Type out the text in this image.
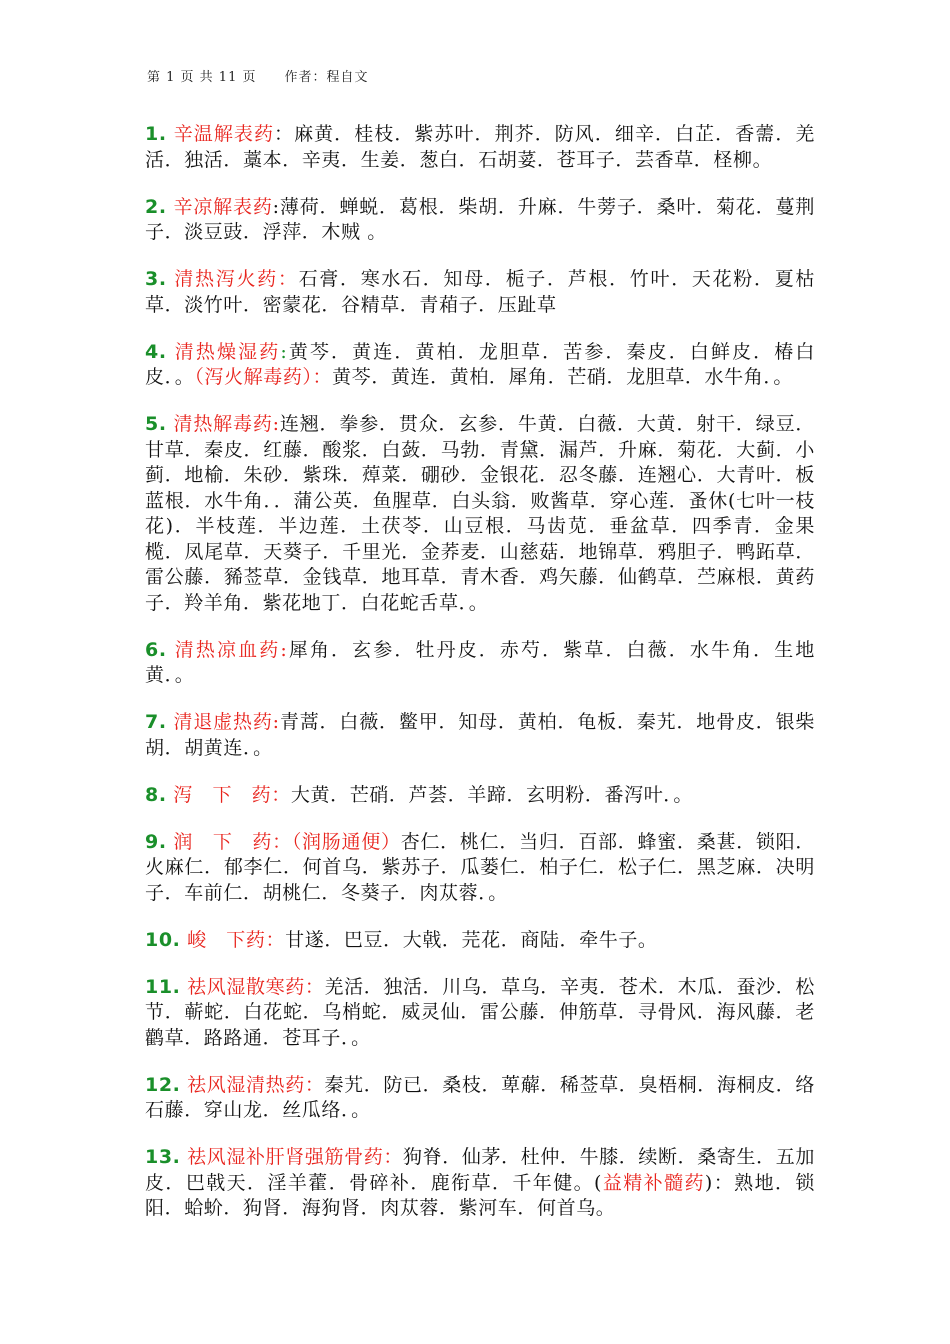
第 1 页 共 11 页 作者：程自文

1. 辛温解表药：麻黄．桂枝．紫苏叶．荆芥．防风．细辛．白芷．香薷．羌活．独活．藁本．辛夷．生姜．葱白．石胡荽．苍耳子．芸香草．柽柳。

2. 辛凉解表药:薄荷．蝉蜕．葛根．柴胡．升麻．牛蒡子．桑叶．菊花．蔓荆子．淡豆豉．浮萍．木贼 。

3. 清热泻火药：石膏．寒水石．知母．栀子．芦根．竹叶．天花粉．夏枯草．淡竹叶．密蒙花．谷精草．青葙子．压趾草

4. 清热燥湿药:黄芩．黄连．黄柏．龙胆草．苦参．秦皮．白鲜皮．椿白皮．。（泻火解毒药）：黄芩．黄连．黄柏．犀角．芒硝．龙胆草．水牛角．。

5. 清热解毒药:连翘．拳参．贯众．玄参．牛黄．白薇．大黄．射干．绿豆．甘草．秦皮．红藤．酸浆．白蔹．马勃．青黛．漏芦．升麻．菊花．大蓟．小蓟．地榆．朱砂．紫珠．蔊菜．硼砂．金银花．忍冬藤．连翘心．大青叶．板蓝根．水牛角．．蒲公英．鱼腥草．白头翁．败酱草．穿心莲．蚤休(七叶一枝花)．半枝莲．半边莲．土茯苓．山豆根．马齿苋．垂盆草．四季青．金果榄．凤尾草．天葵子．千里光．金荞麦．山慈菇．地锦草．鸦胆子．鸭跖草．雷公藤．豨莶草．金钱草．地耳草．青木香．鸡矢藤．仙鹤草．苎麻根．黄药子．羚羊角．紫花地丁．白花蛇舌草．。

6. 清热凉血药:犀角．玄参．牡丹皮．赤芍．紫草．白薇．水牛角．生地黄．。

7. 清退虚热药:青蒿．白薇．鳖甲．知母．黄柏．龟板．秦艽．地骨皮．银柴胡．胡黄连．。

8. 泻　下　药：大黄．芒硝．芦荟．羊蹄．玄明粉．番泻叶．。

9. 润　下　药：（润肠通便）杏仁．桃仁．当归．百部．蜂蜜．桑葚．锁阳．火麻仁．郁李仁．何首乌．紫苏子．瓜蒌仁．柏子仁．松子仁．黑芝麻．决明子．车前仁．胡桃仁．冬葵子．肉苁蓉．。

10. 峻　下药：甘遂．巴豆．大戟．芫花．商陆．牵牛子。

11. 祛风湿散寒药：羌活．独活．川乌．草乌．辛夷．苍术．木瓜．蚕沙．松节．蕲蛇．白花蛇．乌梢蛇．威灵仙．雷公藤．伸筋草．寻骨风．海风藤．老鹳草．路路通．苍耳子．。

12. 祛风湿清热药：秦艽．防已．桑枝．萆薢．稀莶草．臭梧桐．海桐皮．络石藤．穿山龙．丝瓜络．。

13. 祛风湿补肝肾强筋骨药：狗脊．仙茅．杜仲．牛膝．续断．桑寄生．五加皮．巴戟天．淫羊藿．骨碎补．鹿衔草．千年健。(益精补髓药)：熟地．锁阳．蛤蚧．狗肾．海狗肾．肉苁蓉．紫河车．何首乌。
